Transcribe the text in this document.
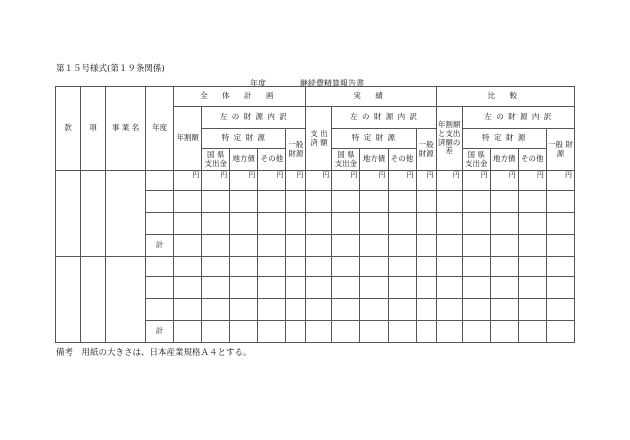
第１５号様式(第１９条関係)
年度	継続費精算報告書
款	項	事 業 名	年度	全 体 計 画					実 績					比 較				
				年割額	左 の 財 源 内 訳				支 出 済 額	左 の 財 源 内 訳				年割額と支出済額の差	左 の 財 源 内 訳			
					特 定 財 源			一般 財源		特 定 財 源			一般 財源		特 定 財 源			一般 財源
					国 県 支出金	地方債	その他			国 県 支出金	地方債	その他			国 県 支出金	地方債	その他	
				円	円	円	円	円	円	円	円	円	円	円	円	円	円	円

			計															

			計															
備考　用紙の大きさは、日本産業規格Ａ４とする。
